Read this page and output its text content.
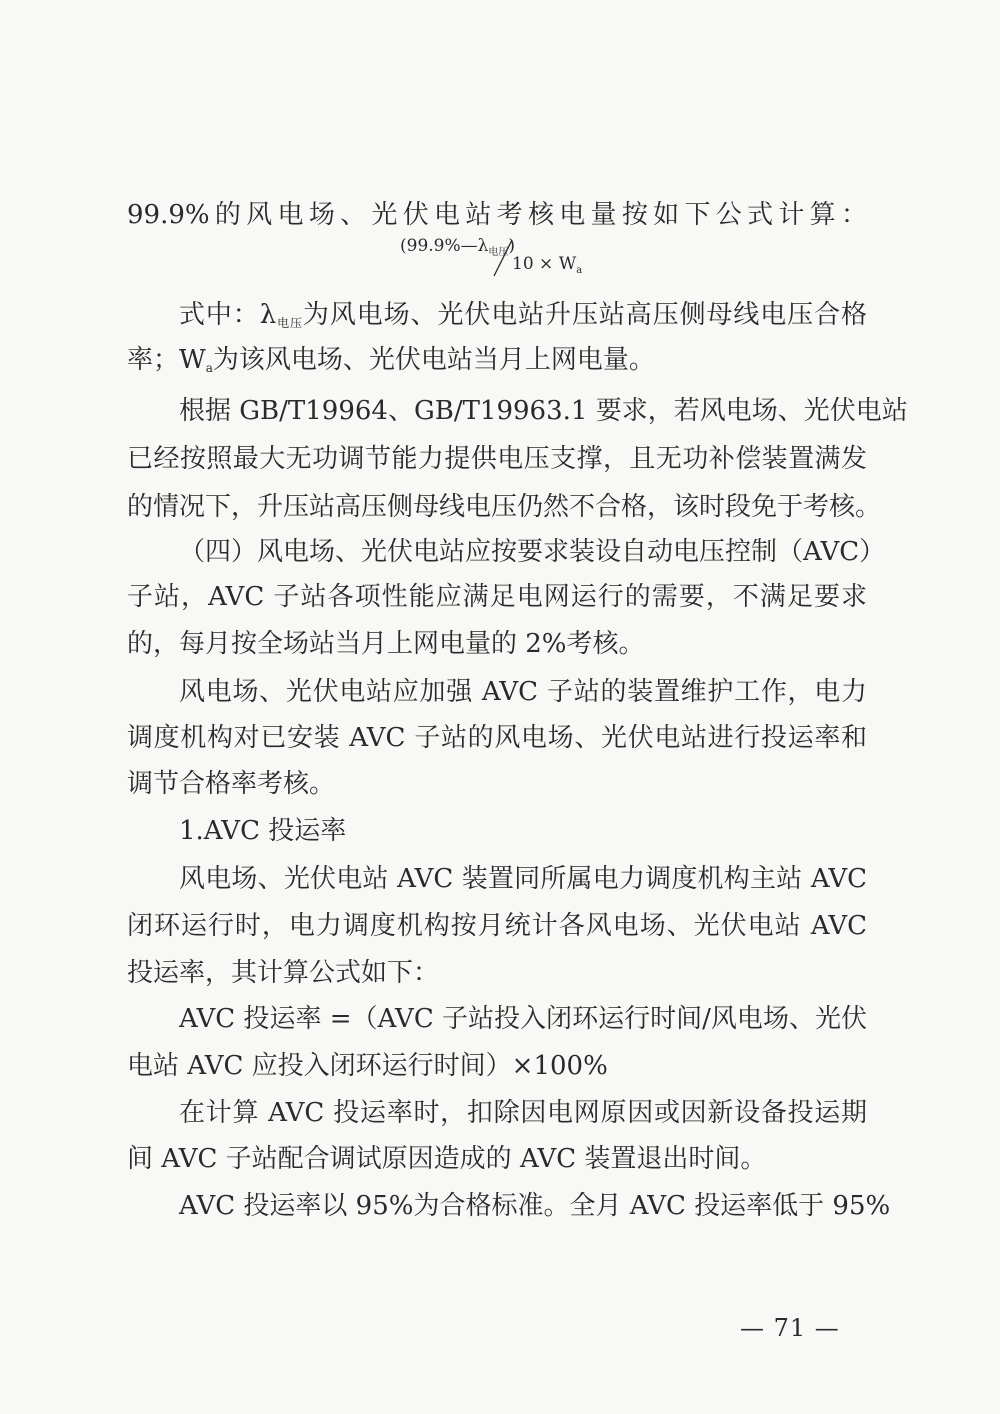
99.9%的风电场、光伏电站考核电量按如下公式计算：

$(99.9\%—\lambda_{电压})$
$10 \times W_a$

式中：λ电压为风电场、光伏电站升压站高压侧母线电压合格

率；Wa为该风电场、光伏电站当月上网电量。

根据 GB/T19964、GB/T19963.1 要求，若风电场、光伏电站

已经按照最大无功调节能力提供电压支撑，且无功补偿装置满发

的情况下，升压站高压侧母线电压仍然不合格，该时段免于考核。

（四）风电场、光伏电站应按要求装设自动电压控制（AVC）

子站，AVC 子站各项性能应满足电网运行的需要，不满足要求

的，每月按全场站当月上网电量的 2%考核。

风电场、光伏电站应加强 AVC 子站的装置维护工作，电力

调度机构对已安装 AVC 子站的风电场、光伏电站进行投运率和

调节合格率考核。

1.AVC 投运率

风电场、光伏电站 AVC 装置同所属电力调度机构主站 AVC

闭环运行时，电力调度机构按月统计各风电场、光伏电站 AVC

投运率，其计算公式如下：

AVC 投运率 =（AVC 子站投入闭环运行时间/风电场、光伏

电站 AVC 应投入闭环运行时间）×100%

在计算 AVC 投运率时，扣除因电网原因或因新设备投运期

间 AVC 子站配合调试原因造成的 AVC 装置退出时间。

AVC 投运率以 95%为合格标准。全月 AVC 投运率低于 95%

— 71 —
